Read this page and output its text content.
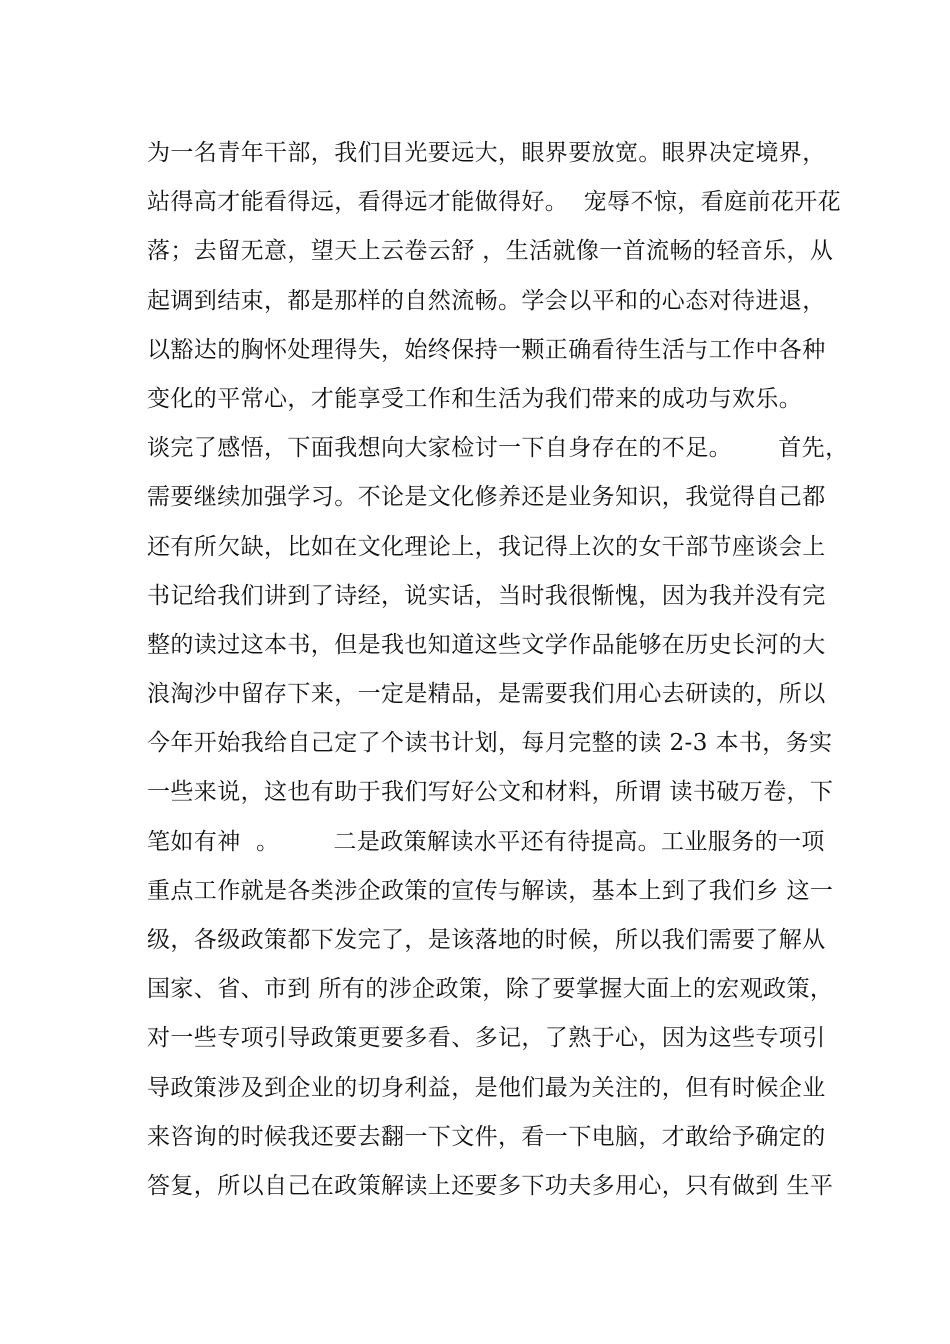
为一名青年干部，我们目光要远大，眼界要放宽。眼界决定境界，
站得高才能看得远，看得远才能做得好。  宠辱不惊，看庭前花开花
落；去留无意，望天上云卷云舒 ，生活就像一首流畅的轻音乐，从
起调到结束，都是那样的自然流畅。学会以平和的心态对待进退，
以豁达的胸怀处理得失，始终保持一颗正确看待生活与工作中各种
变化的平常心，才能享受工作和生活为我们带来的成功与欢乐。
谈完了感悟，下面我想向大家检讨一下自身存在的不足。      首先，
需要继续加强学习。不论是文化修养还是业务知识，我觉得自己都
还有所欠缺，比如在文化理论上，我记得上次的女干部节座谈会上
书记给我们讲到了诗经，说实话，当时我很惭愧，因为我并没有完
整的读过这本书，但是我也知道这些文学作品能够在历史长河的大
浪淘沙中留存下来，一定是精品，是需要我们用心去研读的，所以
今年开始我给自己定了个读书计划，每月完整的读 2-3 本书，务实
一些来说，这也有助于我们写好公文和材料，所谓 读书破万卷，下
笔如有神  。       二是政策解读水平还有待提高。工业服务的一项
重点工作就是各类涉企政策的宣传与解读，基本上到了我们乡 这一
级，各级政策都下发完了，是该落地的时候，所以我们需要了解从
国家、省、市到 所有的涉企政策，除了要掌握大面上的宏观政策，
对一些专项引导政策更要多看、多记，了熟于心，因为这些专项引
导政策涉及到企业的切身利益，是他们最为关注的，但有时候企业
来咨询的时候我还要去翻一下文件，看一下电脑，才敢给予确定的
答复，所以自己在政策解读上还要多下功夫多用心，只有做到 生平
